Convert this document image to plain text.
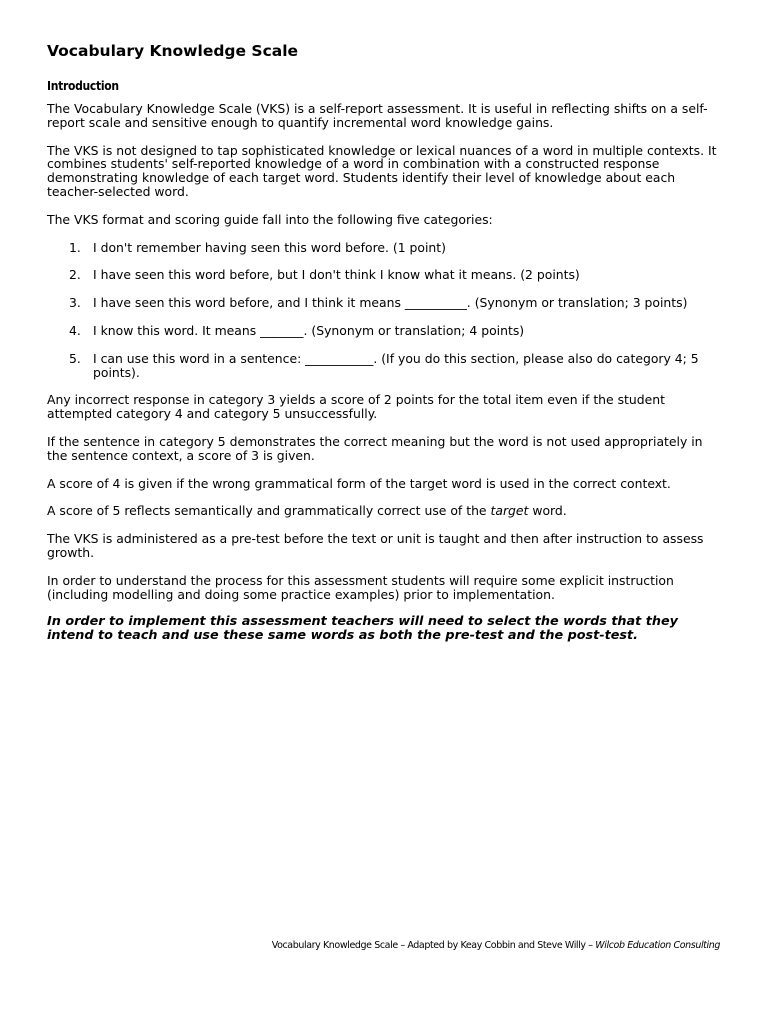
Vocabulary Knowledge Scale
Introduction

The Vocabulary Knowledge Scale (VKS) is a self-report assessment. It is useful in reflecting shifts on a self-report scale and sensitive enough to quantify incremental word knowledge gains.

The VKS is not designed to tap sophisticated knowledge or lexical nuances of a word in multiple contexts. It combines students' self-reported knowledge of a word in combination with a constructed response demonstrating knowledge of each target word. Students identify their level of knowledge about each teacher-selected word.

The VKS format and scoring guide fall into the following five categories:

1. I don't remember having seen this word before. (1 point)
2. I have seen this word before, but I don't think I know what it means. (2 points)
3. I have seen this word before, and I think it means __________. (Synonym or translation; 3 points)
4. I know this word. It means _______. (Synonym or translation; 4 points)
5. I can use this word in a sentence: ___________. (If you do this section, please also do category 4; 5 points).

Any incorrect response in category 3 yields a score of 2 points for the total item even if the student attempted category 4 and category 5 unsuccessfully.

If the sentence in category 5 demonstrates the correct meaning but the word is not used appropriately in the sentence context, a score of 3 is given.

A score of 4 is given if the wrong grammatical form of the target word is used in the correct context.

A score of 5 reflects semantically and grammatically correct use of the target word.

The VKS is administered as a pre-test before the text or unit is taught and then after instruction to assess growth.

In order to understand the process for this assessment students will require some explicit instruction (including modelling and doing some practice examples) prior to implementation.

In order to implement this assessment teachers will need to select the words that they intend to teach and use these same words as both the pre-test and the post-test.

Vocabulary Knowledge Scale – Adapted by Keay Cobbin and Steve Willy – Wilcob Education Consulting
